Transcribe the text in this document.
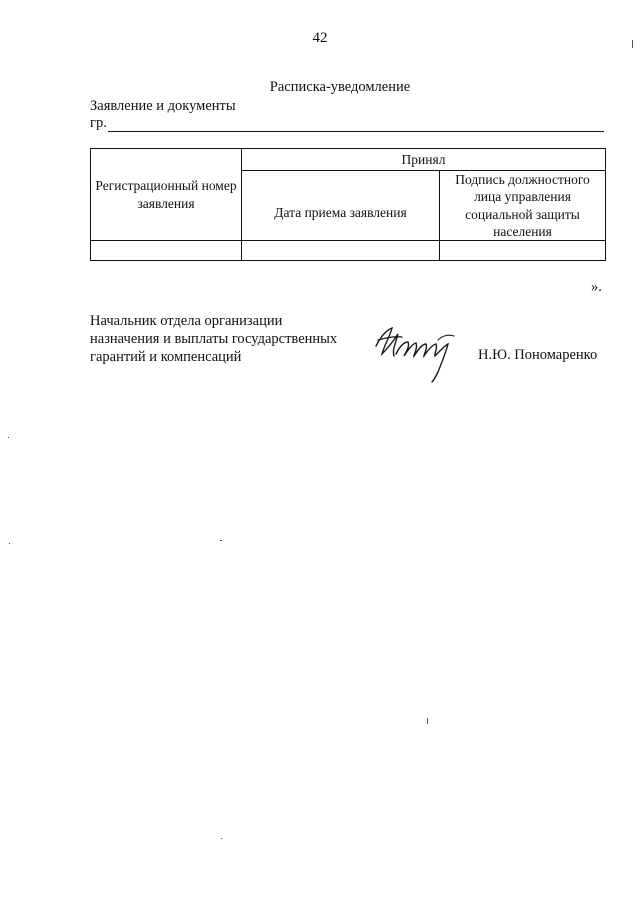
42
Расписка-уведомление
Заявление и документы
гр.
Регистрационный номер заявления	Принял	
	Дата приема заявления	Подпись должностного лица управления социальной защиты населения

».
Начальник отдела организации
назначения и выплаты государственных
гарантий и компенсаций	Н.Ю. Пономаренко
